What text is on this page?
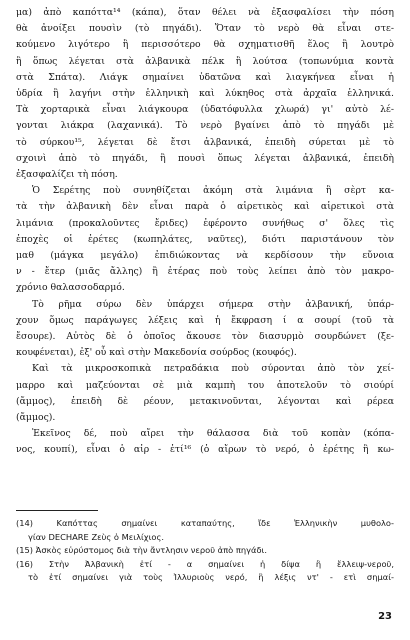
μα) ἀπὸ καπόττα¹⁴ (κάπα), ὅταν θέλει νὰ ἐξασφαλίσει τὴν πόση
θὰ ἀνοίξει πουσὶν (τὸ πηγάδι). Ὅταν τὸ νερὸ θὰ εἶναι στε-
κούμενο λιγότερο ἢ περισσότερο θὰ σχηματισθῆ ἕλος ἢ λουτρὸ
ἢ ὅπως λέγεται στὰ ἀλβανικὰ πέλκ ἢ λούτσα (τοπωνύμια κοντὰ
στὰ Σπάτα). Λιάγκ σημαίνει ὑδατῶνα καὶ λιαγκήνεα εἶναι ἡ
ὑδρία ἢ λαγήνι στὴν ἑλληνικὴ καὶ λύκηθος στὰ ἀρχαῖα ἑλληνικά.
Τὰ χορταρικὰ εἶναι λιάγκουρα (ὑδατόφυλλα χλωρά) γι' αὐτὸ λέ-
γονται λιάκρα (λαχανικά). Τὸ νερὸ βγαίνει ἀπὸ τὸ πηγάδι μὲ
τὸ σύρκου¹⁵, λέγεται δὲ ἔτσι ἀλβανικά, ἐπειδὴ σύρεται μὲ τὸ
σχοινὶ ἀπὸ τὸ πηγάδι, ἢ πουσὶ ὅπως λέγεται ἀλβανικά, ἐπειδὴ
ἐξασφαλίζει τὴ πόση.
Ὁ Σερέτης ποὺ συνηθίζεται ἀκόμη στὰ λιμάνια ἢ σὲρτ κα-
τὰ τὴν ἀλβανικὴ δὲν εἶναι παρὰ ὁ αἱρετικὸς καὶ αἱρετικοὶ στὰ
λιμάνια (προκαλοῦντες ἔριδες) ἐφέροντο συνήθως σ' ὅλες τὶς
ἐποχὲς οἱ ἐρέτες (κωπηλάτες, ναῦτες), διότι παριστάνουν τὸν
μαθ (μάγκα μεγάλο) ἐπιδιώκοντας νὰ κερδίσουν τὴν εὔνοια
ν - ἔτερ (μιᾶς ἄλλης) ἢ ἑτέρας ποὺ τοὺς λείπει ἀπὸ τὸν μακρο-
χρόνιο θαλασσοδαρμό.
Τὸ ρῆμα σύρω δὲν ὑπάρχει σήμερα στὴν ἀλβανική, ὑπάρ-
χουν ὅμως παράγωγες λέξεις καὶ ἡ ἔκφραση ί α σουρί (τοῦ τὰ
ἔσουρε). Αὐτὸς δὲ ὁ ὁποῖος ἄκουσε τὸν διασυρμὸ σουρδώνετ (ξε-
κουφένεται), ἐξ' οὗ καὶ στὴν Μακεδονία σούρδος (κουφός).
Καὶ τὰ μικροσκοπικὰ πετραδάκια ποὺ σύρονται ἀπὸ τὸν χεί-
μαρρο καὶ μαζεύονται σὲ μιὰ καμπὴ του ἀποτελοῦν τὸ σιούρί
(ἄμμος), ἐπειδὴ δὲ ρέουν, μετακινοῦνται, λέγονται καὶ ρέρεα
(ἄμμος).
Ἐκεῖνος δέ, ποὺ αἴρει τὴν θάλασσα διὰ τοῦ κοπὰν (κόπα-
νος, κουπί), εἶναι ὁ αἰρ - ἐτί¹⁶ (ὁ αἴρων τὸ νερό, ὁ ἐρέτης ἢ κω-
(14) Καπόττας σημαίνει καταπαύτης, ἴδε Ἑλληνικὴν μυθολο-
γίαν DECHARE Ζεὺς ὁ Μειλίχιος.
(15) Ἀσκὸς εὐρύστομος διὰ τὴν ἄντλησιν νεροῦ ἀπὸ πηγάδι.
(16) Στὴν Ἀλβανικὴ ἐτί - α σημαίνει ἡ δίψα ἢ ἔλλειψ-νεροῦ,
τὸ ἐτί σημαίνει γιὰ τοὺς Ἰλλυριοὺς νερό, ἢ λέξις ντ' - ετὶ σημαί-
23
